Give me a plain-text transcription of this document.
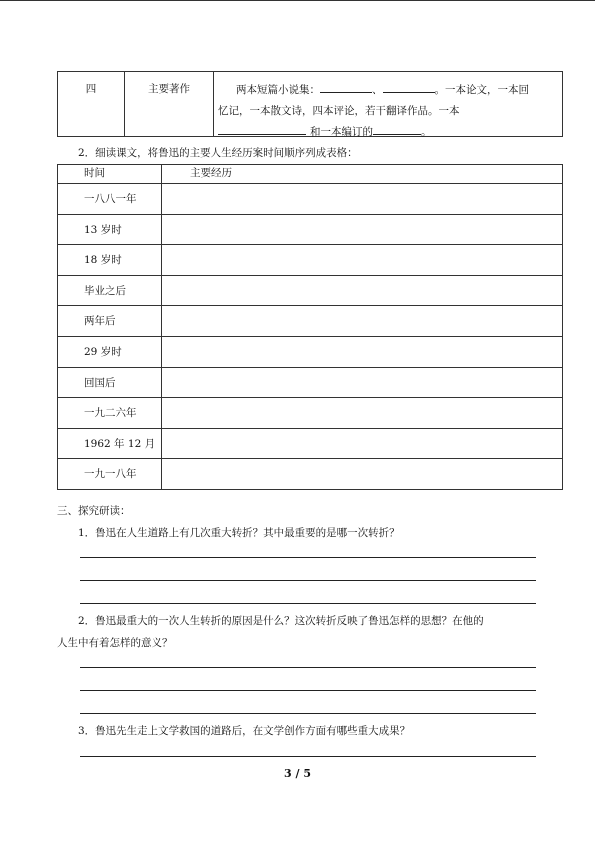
四	主要著作	两本短篇小说集：	、	。一本论文，一本回
忆记，一本散文诗，四本评论，若干翻译作品。一本
和一本编订的	。
2．细读课文，将鲁迅的主要人生经历案时间顺序列成表格：
时间	主要经历
一八八一年
13 岁时
18 岁时
毕业之后
两年后
29 岁时
回国后
一九二六年
1962 年 12 月
一九一八年
三、探究研读：
1．鲁迅在人生道路上有几次重大转折？其中最重要的是哪一次转折？
2．鲁迅最重大的一次人生转折的原因是什么？这次转折反映了鲁迅怎样的思想？在他的
人生中有着怎样的意义？
3．鲁迅先生走上文学救国的道路后，在文学创作方面有哪些重大成果？
3 / 5
